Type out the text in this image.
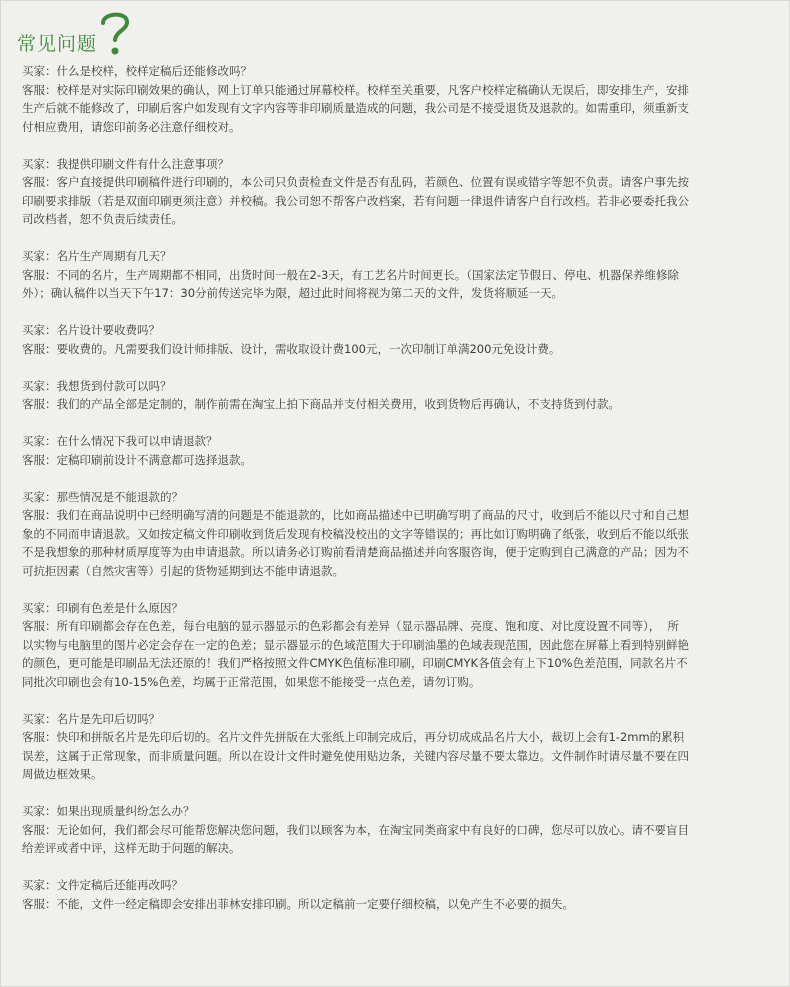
常见问题
买家：什么是校样，校样定稿后还能修改吗？
客服：校样是对实际印刷效果的确认，网上订单只能通过屏幕校样。校样至关重要，凡客户校样定稿确认无误后，即安排生产，安排
生产后就不能修改了，印刷后客户如发现有文字内容等非印刷质量造成的问题，我公司是不接受退货及退款的。如需重印，须重新支
付相应费用，请您印前务必注意仔细校对。
买家：我提供印刷文件有什么注意事项？
客服：客户直接提供印刷稿件进行印刷的，本公司只负责检查文件是否有乱码，若颜色、位置有误或错字等恕不负责。请客户事先按
印刷要求排版（若是双面印刷更须注意）并校稿。我公司恕不帮客户改档案，若有问题一律退件请客户自行改档。若非必要委托我公
司改档者，恕不负责后续责任。
买家：名片生产周期有几天？
客服：不同的名片，生产周期都不相同，出货时间一般在2-3天，有工艺名片时间更长。（国家法定节假日、停电、机器保养维修除
外）；确认稿件以当天下午17：30分前传送完毕为限，超过此时间将视为第二天的文件，发货将顺延一天。
买家：名片设计要收费吗？
客服：要收费的。凡需要我们设计师排版、设计，需收取设计费100元，一次印制订单满200元免设计费。
买家：我想货到付款可以吗？
客服：我们的产品全部是定制的，制作前需在淘宝上拍下商品并支付相关费用，收到货物后再确认，不支持货到付款。
买家：在什么情况下我可以申请退款？
客服：定稿印刷前设计不满意都可选择退款。
买家：那些情况是不能退款的？
客服：我们在商品说明中已经明确写清的问题是不能退款的，比如商品描述中已明确写明了商品的尺寸，收到后不能以尺寸和自己想
象的不同而申请退款。又如按定稿文件印刷收到货后发现有校稿没校出的文字等错误的；再比如订购明确了纸张，收到后不能以纸张
不是我想象的那种材质厚度等为由申请退款。所以请务必订购前看清楚商品描述并向客服咨询，便于定购到自己满意的产品；因为不
可抗拒因素（自然灾害等）引起的货物延期到达不能申请退款。
买家：印刷有色差是什么原因？
客服：所有印刷都会存在色差，每台电脑的显示器显示的色彩都会有差异（显示器品牌、亮度、饱和度、对比度设置不同等），  所
以实物与电脑里的图片必定会存在一定的色差；显示器显示的色域范围大于印刷油墨的色域表现范围，因此您在屏幕上看到特别鲜艳
的颜色，更可能是印刷品无法还原的！我们严格按照文件CMYK色值标准印刷，印刷CMYK各值会有上下10%色差范围，同款名片不
同批次印刷也会有10-15%色差，均属于正常范围，如果您不能接受一点色差，请勿订购。
买家：名片是先印后切吗？
客服：快印和拼版名片是先印后切的。名片文件先拼版在大张纸上印制完成后，再分切成成品名片大小，裁切上会有1-2mm的累积
误差，这属于正常现象，而非质量问题。所以在设计文件时避免使用贴边条，关键内容尽量不要太靠边。文件制作时请尽量不要在四
周做边框效果。
买家：如果出现质量纠纷怎么办？
客服：无论如何，我们都会尽可能帮您解决您问题，我们以顾客为本，在淘宝同类商家中有良好的口碑，您尽可以放心。请不要盲目
给差评或者中评，这样无助于问题的解决。
买家：文件定稿后还能再改吗？
客服：不能，文件一经定稿即会安排出菲林安排印刷。所以定稿前一定要仔细校稿，以免产生不必要的损失。
